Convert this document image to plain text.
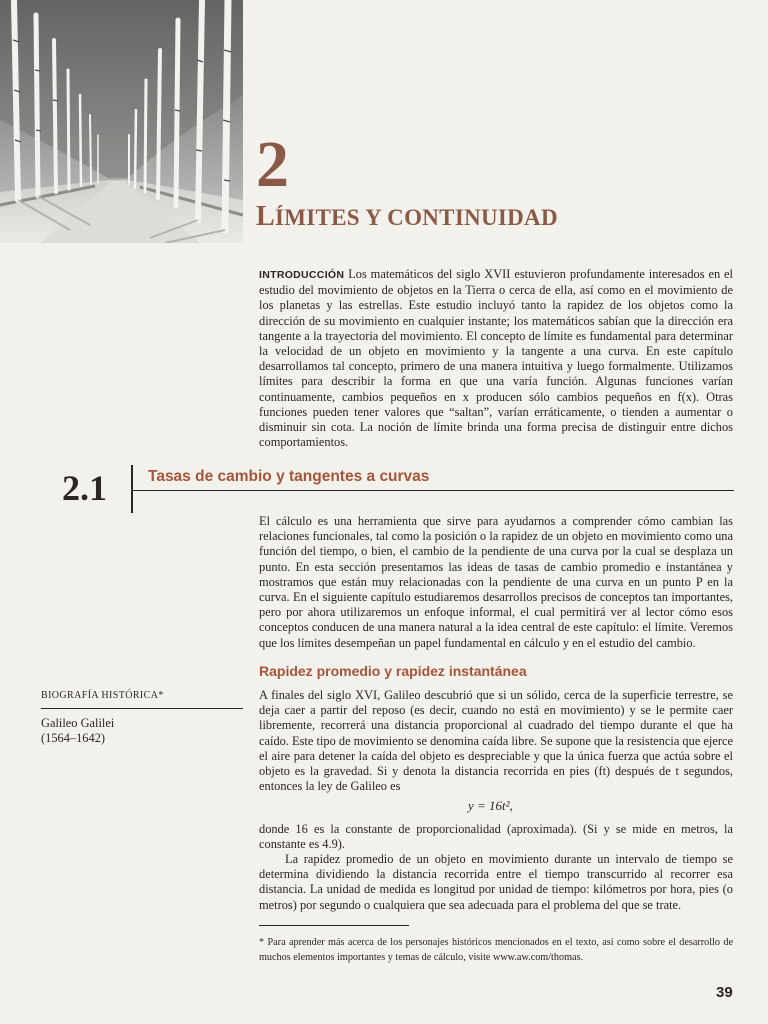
2
LÍMITES Y CONTINUIDAD
INTRODUCCIÓN Los matemáticos del siglo XVII estuvieron profundamente interesados en el estudio del movimiento de objetos en la Tierra o cerca de ella, así como en el movimiento de los planetas y las estrellas. Este estudio incluyó tanto la rapidez de los objetos como la dirección de su movimiento en cualquier instante; los matemáticos sabían que la dirección era tangente a la trayectoria del movimiento. El concepto de límite es fundamental para determinar la velocidad de un objeto en movimiento y la tangente a una curva. En este capítulo desarrollamos tal concepto, primero de una manera intuitiva y luego formalmente. Utilizamos límites para describir la forma en que una varía función. Algunas funciones varían continuamente, cambios pequeños en x producen sólo cambios pequeños en f(x). Otras funciones pueden tener valores que “saltan”, varían erráticamente, o tienden a aumentar o disminuir sin cota. La noción de límite brinda una forma precisa de distinguir entre dichos comportamientos.
2.1	Tasas de cambio y tangentes a curvas
El cálculo es una herramienta que sirve para ayudarnos a comprender cómo cambian las relaciones funcionales, tal como la posición o la rapidez de un objeto en movimiento como una función del tiempo, o bien, el cambio de la pendiente de una curva por la cual se desplaza un punto. En esta sección presentamos las ideas de tasas de cambio promedio e instantánea y mostramos que están muy relacionadas con la pendiente de una curva en un punto P en la curva. En el siguiente capítulo estudiaremos desarrollos precisos de conceptos tan importantes, pero por ahora utilizaremos un enfoque informal, el cual permitirá ver al lector cómo esos conceptos conducen de una manera natural a la idea central de este capítulo: el límite. Veremos que los límites desempeñan un papel fundamental en cálculo y en el estudio del cambio.
Rapidez promedio y rapidez instantánea
BIOGRAFÍA HISTÓRICA*
Galileo Galilei
(1564–1642)
A finales del siglo XVI, Galileo descubrió que si un sólido, cerca de la superficie terrestre, se deja caer a partir del reposo (es decir, cuando no está en movimiento) y se le permite caer libremente, recorrerá una distancia proporcional al cuadrado del tiempo durante el que ha caído. Este tipo de movimiento se denomina caída libre. Se supone que la resistencia que ejerce el aire para detener la caída del objeto es despreciable y que la única fuerza que actúa sobre el objeto es la gravedad. Si y denota la distancia recorrida en pies (ft) después de t segundos, entonces la ley de Galileo es
y = 16t²,
donde 16 es la constante de proporcionalidad (aproximada). (Si y se mide en metros, la constante es 4.9).

La rapidez promedio de un objeto en movimiento durante un intervalo de tiempo se determina dividiendo la distancia recorrida entre el tiempo transcurrido al recorrer esa distancia. La unidad de medida es longitud por unidad de tiempo: kilómetros por hora, pies (o metros) por segundo o cualquiera que sea adecuada para el problema del que se trate.

* Para aprender más acerca de los personajes históricos mencionados en el texto, así como sobre el desarrollo de muchos elementos importantes y temas de cálculo, visite www.aw.com/thomas.
39
